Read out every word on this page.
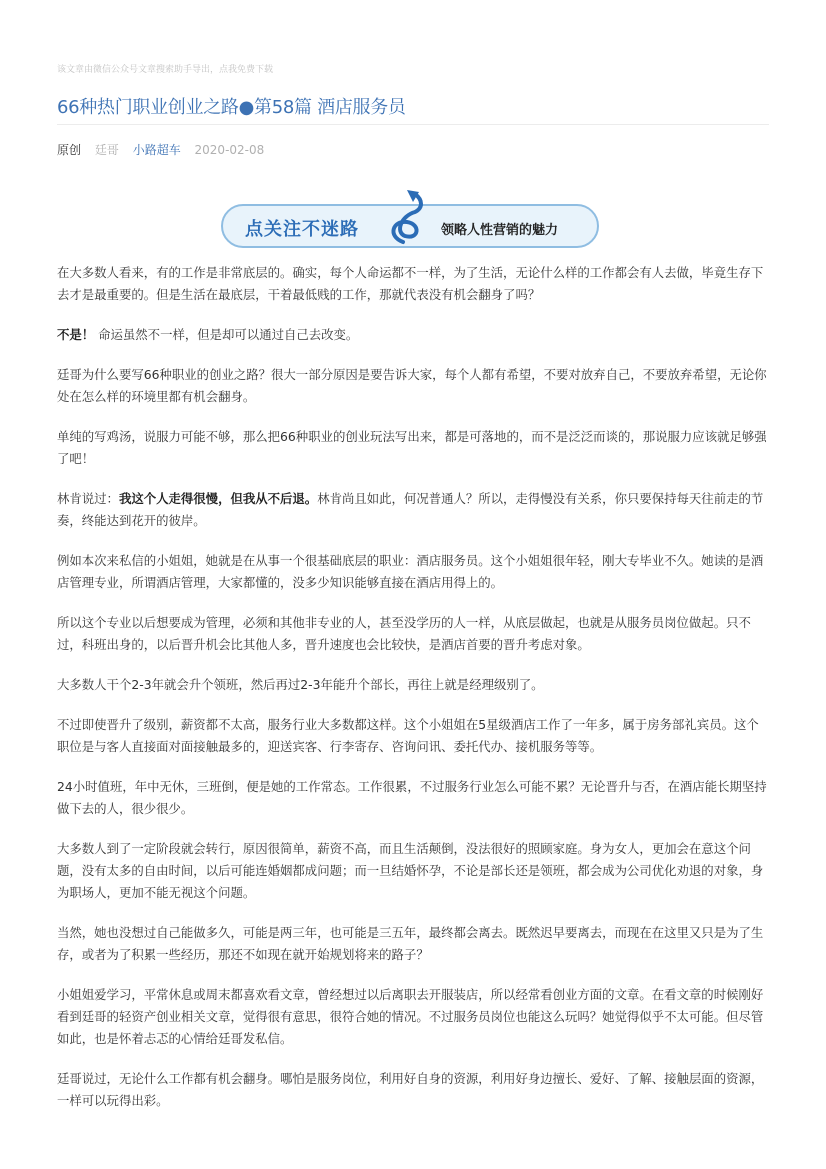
该文章由微信公众号文章搜索助手导出，点我免费下载
66种热门职业创业之路●第58篇 酒店服务员
原创 廷哥 小路超车 2020-02-08
点关注不迷路	领略人性营销的魅力

在大多数人看来，有的工作是非常底层的。确实，每个人命运都不一样，为了生活，无论什么样的工作都会有人去做，毕竟生存下去才是最重要的。但是生活在最底层，干着最低贱的工作，那就代表没有机会翻身了吗？

不是！ 命运虽然不一样，但是却可以通过自己去改变。

廷哥为什么要写66种职业的创业之路？很大一部分原因是要告诉大家，每个人都有希望，不要对放弃自己，不要放弃希望，无论你处在怎么样的环境里都有机会翻身。

单纯的写鸡汤，说服力可能不够，那么把66种职业的创业玩法写出来，都是可落地的，而不是泛泛而谈的，那说服力应该就足够强了吧！

林肯说过：我这个人走得很慢，但我从不后退。林肯尚且如此，何况普通人？所以，走得慢没有关系，你只要保持每天往前走的节奏，终能达到花开的彼岸。

例如本次来私信的小姐姐，她就是在从事一个很基础底层的职业：酒店服务员。这个小姐姐很年轻，刚大专毕业不久。她读的是酒店管理专业，所谓酒店管理，大家都懂的，没多少知识能够直接在酒店用得上的。

所以这个专业以后想要成为管理，必须和其他非专业的人，甚至没学历的人一样，从底层做起，也就是从服务员岗位做起。只不过，科班出身的，以后晋升机会比其他人多，晋升速度也会比较快，是酒店首要的晋升考虑对象。

大多数人干个2-3年就会升个领班，然后再过2-3年能升个部长，再往上就是经理级别了。

不过即使晋升了级别，薪资都不太高，服务行业大多数都这样。这个小姐姐在5星级酒店工作了一年多，属于房务部礼宾员。这个职位是与客人直接面对面接触最多的，迎送宾客、行李寄存、咨询问讯、委托代办、接机服务等等。

24小时值班，年中无休，三班倒，便是她的工作常态。工作很累，不过服务行业怎么可能不累？无论晋升与否，在酒店能长期坚持做下去的人，很少很少。

大多数人到了一定阶段就会转行，原因很简单，薪资不高，而且生活颠倒，没法很好的照顾家庭。身为女人，更加会在意这个问题，没有太多的自由时间，以后可能连婚姻都成问题；而一旦结婚怀孕，不论是部长还是领班，都会成为公司优化劝退的对象，身为职场人，更加不能无视这个问题。

当然，她也没想过自己能做多久，可能是两三年，也可能是三五年，最终都会离去。既然迟早要离去，而现在在这里又只是为了生存，或者为了积累一些经历，那还不如现在就开始规划将来的路子？

小姐姐爱学习，平常休息或周末都喜欢看文章，曾经想过以后离职去开服装店，所以经常看创业方面的文章。在看文章的时候刚好看到廷哥的轻资产创业相关文章，觉得很有意思，很符合她的情况。不过服务员岗位也能这么玩吗？她觉得似乎不太可能。但尽管如此，也是怀着忐忑的心情给廷哥发私信。

廷哥说过，无论什么工作都有机会翻身。哪怕是服务岗位，利用好自身的资源，利用好身边擅长、爱好、了解、接触层面的资源，一样可以玩得出彩。
